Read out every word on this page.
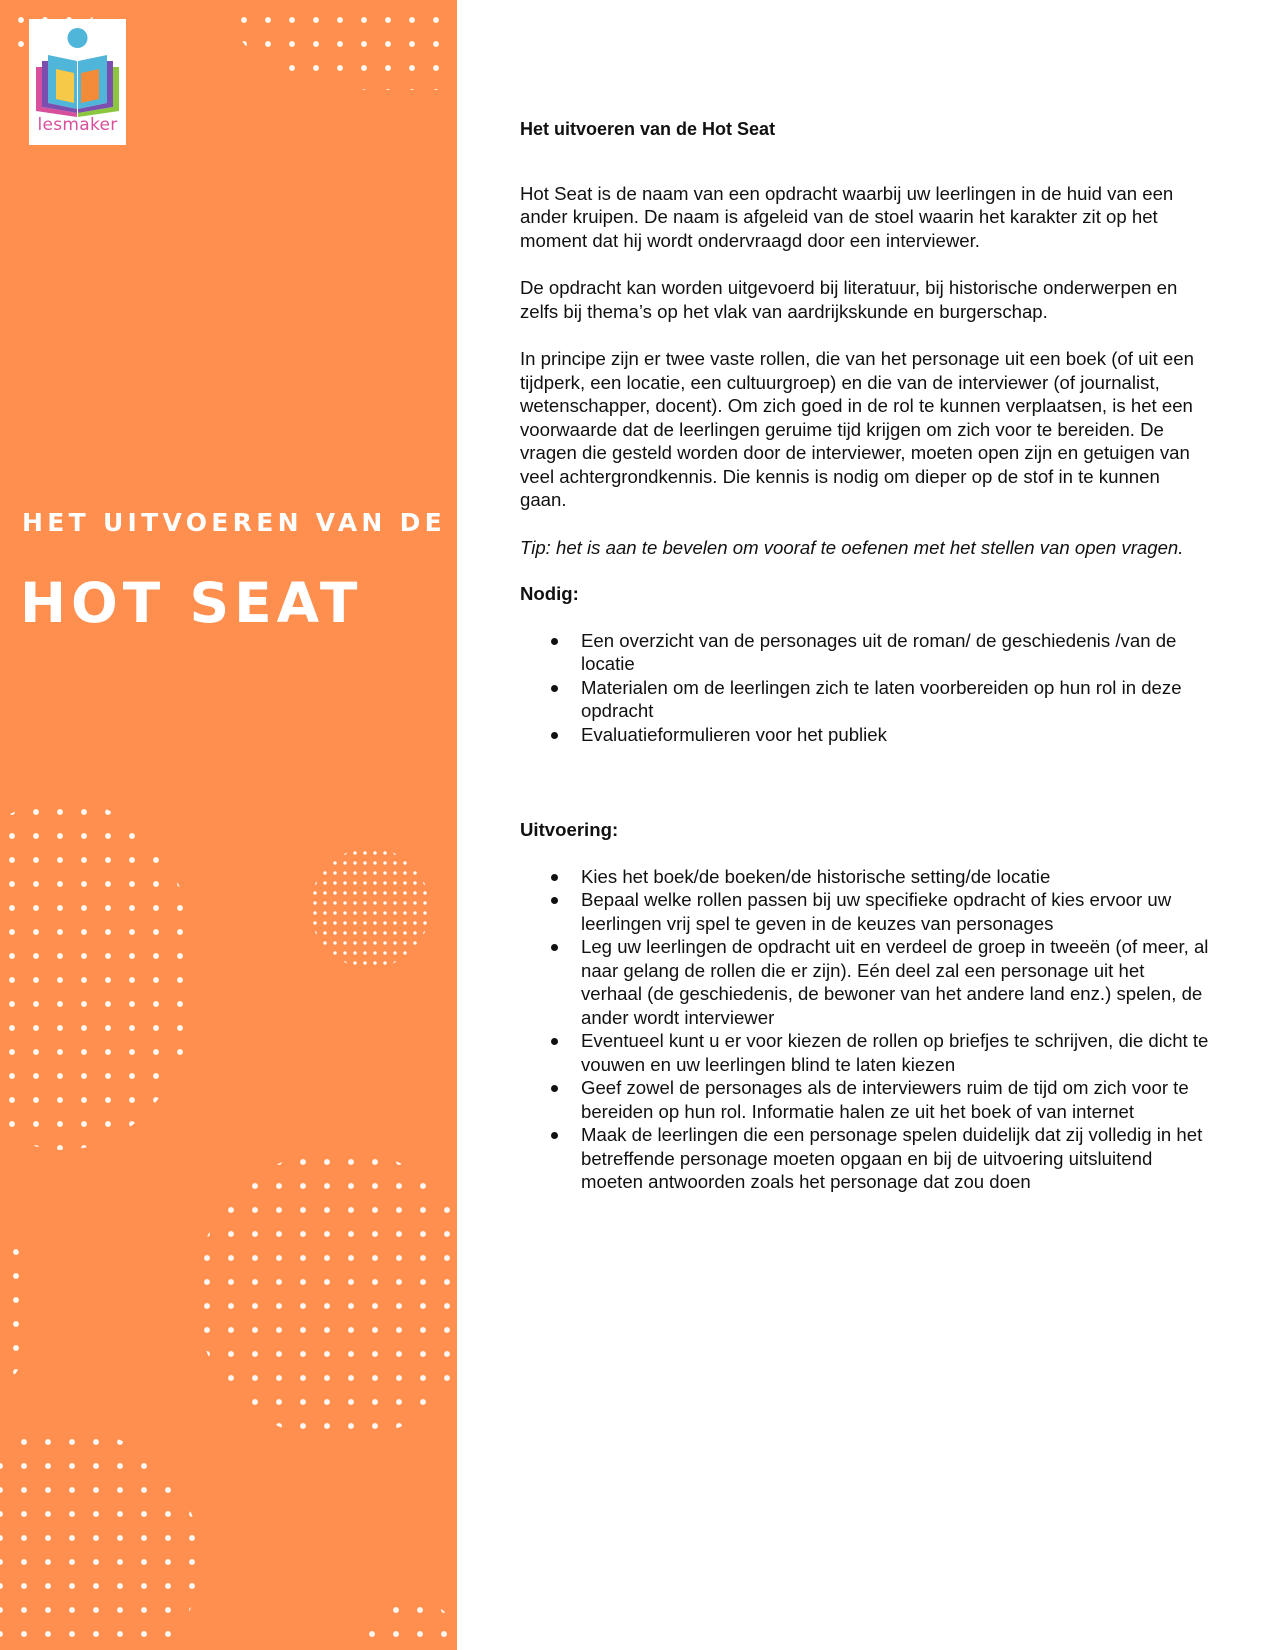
lesmaker
HET UITVOEREN VAN DE
HOT SEAT

Het uitvoeren van de Hot Seat

Hot Seat is de naam van een opdracht waarbij uw leerlingen in de huid van een ander kruipen. De naam is afgeleid van de stoel waarin het karakter zit op het moment dat hij wordt ondervraagd door een interviewer.

De opdracht kan worden uitgevoerd bij literatuur, bij historische onderwerpen en zelfs bij thema’s op het vlak van aardrijkskunde en burgerschap.

In principe zijn er twee vaste rollen, die van het personage uit een boek (of uit een tijdperk, een locatie, een cultuurgroep) en die van de interviewer (of journalist, wetenschapper, docent). Om zich goed in de rol te kunnen verplaatsen, is het een voorwaarde dat de leerlingen geruime tijd krijgen om zich voor te bereiden. De vragen die gesteld worden door de interviewer, moeten open zijn en getuigen van veel achtergrondkennis. Die kennis is nodig om dieper op de stof in te kunnen gaan.

Tip: het is aan te bevelen om vooraf te oefenen met het stellen van open vragen.

Nodig:

Een overzicht van de personages uit de roman/ de geschiedenis /van de locatie
Materialen om de leerlingen zich te laten voorbereiden op hun rol in deze opdracht
Evaluatieformulieren voor het publiek

Uitvoering:

Kies het boek/de boeken/de historische setting/de locatie
Bepaal welke rollen passen bij uw specifieke opdracht of kies ervoor uw leerlingen vrij spel te geven in de keuzes van personages
Leg uw leerlingen de opdracht uit en verdeel de groep in tweeën (of meer, al naar gelang de rollen die er zijn). Eén deel zal een personage uit het verhaal (de geschiedenis, de bewoner van het andere land enz.) spelen, de ander wordt interviewer
Eventueel kunt u er voor kiezen de rollen op briefjes te schrijven, die dicht te vouwen en uw leerlingen blind te laten kiezen
Geef zowel de personages als de interviewers ruim de tijd om zich voor te bereiden op hun rol. Informatie halen ze uit het boek of van internet
Maak de leerlingen die een personage spelen duidelijk dat zij volledig in het betreffende personage moeten opgaan en bij de uitvoering uitsluitend moeten antwoorden zoals het personage dat zou doen
